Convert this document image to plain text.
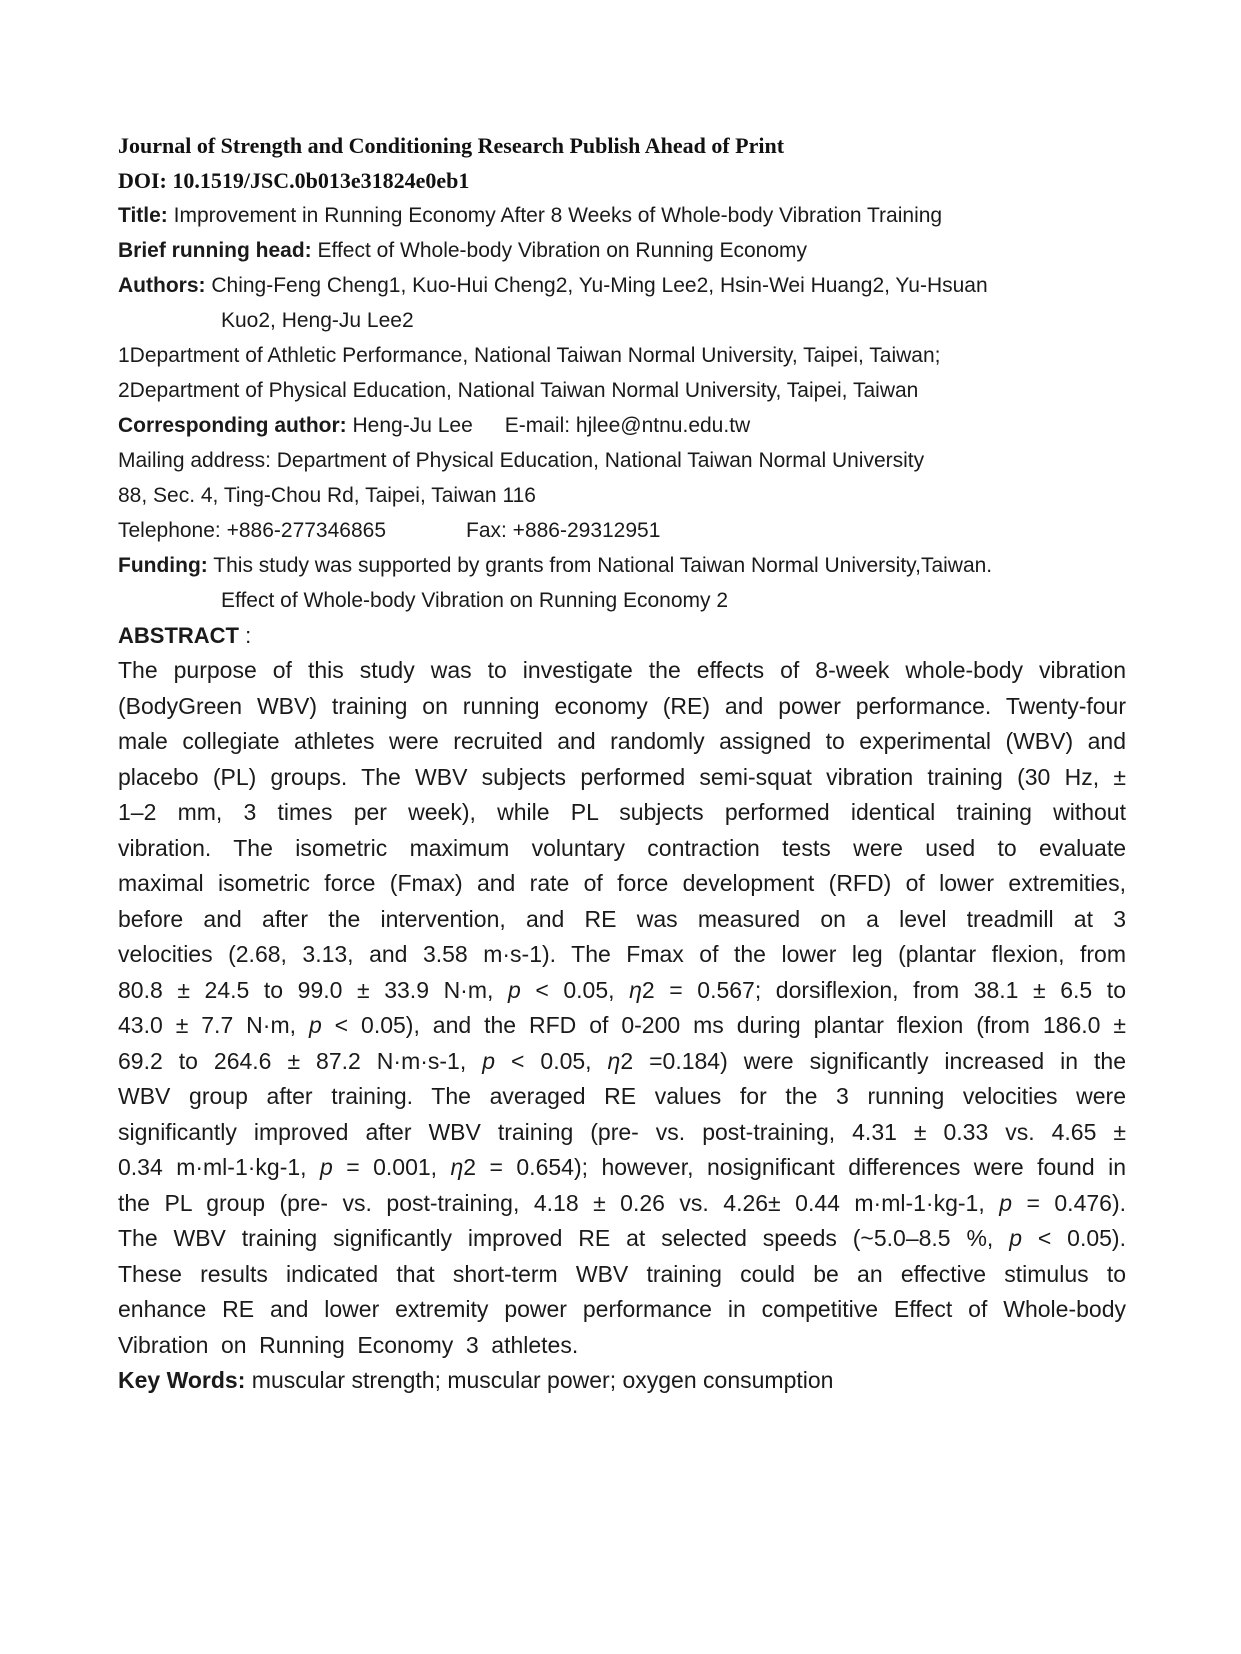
Journal of Strength and Conditioning Research Publish Ahead of Print
DOI: 10.1519/JSC.0b013e31824e0eb1
Title: Improvement in Running Economy After 8 Weeks of Whole-body Vibration Training
Brief running head: Effect of Whole-body Vibration on Running Economy
Authors: Ching-Feng Cheng1, Kuo-Hui Cheng2, Yu-Ming Lee2, Hsin-Wei Huang2, Yu-Hsuan
Kuo2, Heng-Ju Lee2
1Department of Athletic Performance, National Taiwan Normal University, Taipei, Taiwan;
2Department of Physical Education, National Taiwan Normal University, Taipei, Taiwan
Corresponding author: Heng-Ju Lee E-mail: hjlee@ntnu.edu.tw
Mailing address: Department of Physical Education, National Taiwan Normal University
88, Sec. 4, Ting-Chou Rd, Taipei, Taiwan 116
Telephone: +886-277346865	Fax: +886-29312951
Funding: This study was supported by grants from National Taiwan Normal University,Taiwan.
Effect of Whole-body Vibration on Running Economy 2
ABSTRACT :

The purpose of this study was to investigate the effects of 8-week whole-body vibration (BodyGreen WBV) training on running economy (RE) and power performance. Twenty-four male collegiate athletes were recruited and randomly assigned to experimental (WBV) and placebo (PL) groups. The WBV subjects performed semi-squat vibration training (30 Hz, ± 1–2 mm, 3 times per week), while PL subjects performed identical training without vibration. The isometric maximum voluntary contraction tests were used to evaluate maximal isometric force (Fmax) and rate of force development (RFD) of lower extremities, before and after the intervention, and RE was measured on a level treadmill at 3 velocities (2.68, 3.13, and 3.58 m·s-1). The Fmax of the lower leg (plantar flexion, from 80.8 ± 24.5 to 99.0 ± 33.9 N·m, p < 0.05, η2 = 0.567; dorsiflexion, from 38.1 ± 6.5 to 43.0 ± 7.7 N·m, p < 0.05), and the RFD of 0-200 ms during plantar flexion (from 186.0 ± 69.2 to 264.6 ± 87.2 N·m·s-1, p < 0.05, η2 =0.184) were significantly increased in the WBV group after training. The averaged RE values for the 3 running velocities were significantly improved after WBV training (pre- vs. post-training, 4.31 ± 0.33 vs. 4.65 ± 0.34 m·ml-1·kg-1, p = 0.001, η2 = 0.654); however, nosignificant differences were found in the PL group (pre- vs. post-training, 4.18 ± 0.26 vs. 4.26± 0.44 m·ml-1·kg-1, p = 0.476). The WBV training significantly improved RE at selected speeds (~5.0–8.5 %, p < 0.05). These results indicated that short-term WBV training could be an effective stimulus to enhance RE and lower extremity power performance in competitive Effect of Whole-body Vibration on Running Economy 3 athletes.

Key Words: muscular strength; muscular power; oxygen consumption
